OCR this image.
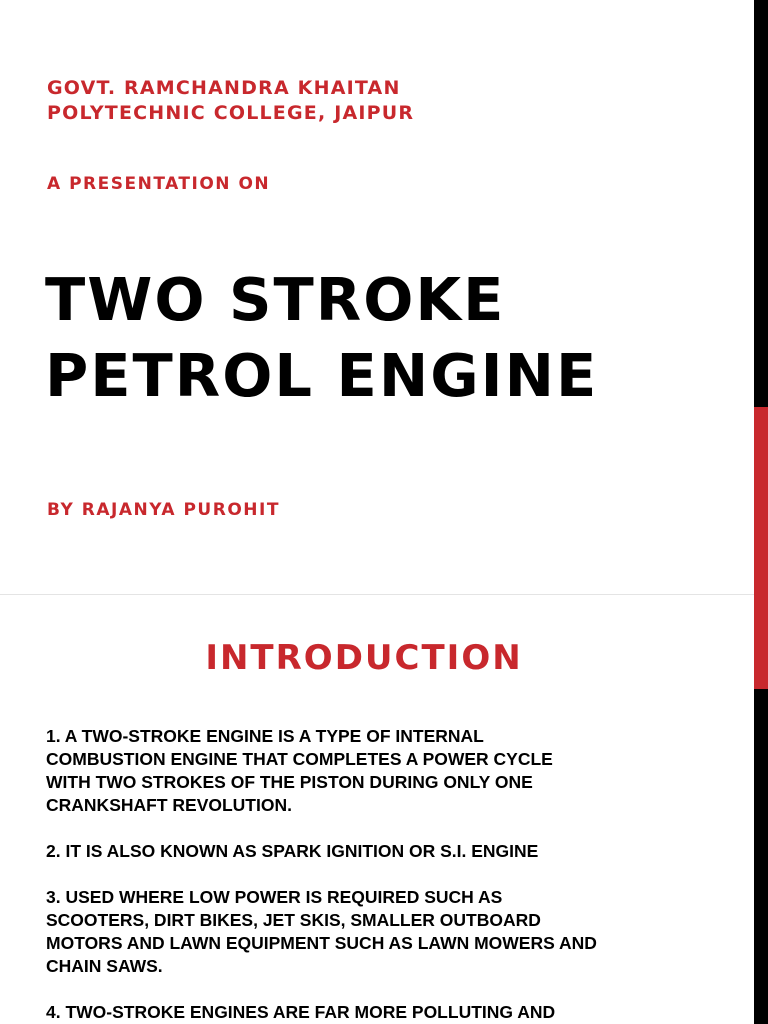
GOVT. RAMCHANDRA KHAITAN
POLYTECHNIC COLLEGE, JAIPUR

A PRESENTATION ON

TWO STROKE
PETROL ENGINE

BY RAJANYA PUROHIT

INTRODUCTION
1. A TWO-STROKE ENGINE IS A TYPE OF INTERNAL
COMBUSTION ENGINE THAT COMPLETES A POWER CYCLE
WITH TWO STROKES OF THE PISTON DURING ONLY ONE
CRANKSHAFT REVOLUTION.
2. IT IS ALSO KNOWN AS SPARK IGNITION OR S.I. ENGINE
3. USED WHERE LOW POWER IS REQUIRED SUCH AS
SCOOTERS, DIRT BIKES, JET SKIS, SMALLER OUTBOARD
MOTORS AND LAWN EQUIPMENT SUCH AS LAWN MOWERS AND
CHAIN SAWS.
4. TWO-STROKE ENGINES ARE FAR MORE POLLUTING AND
